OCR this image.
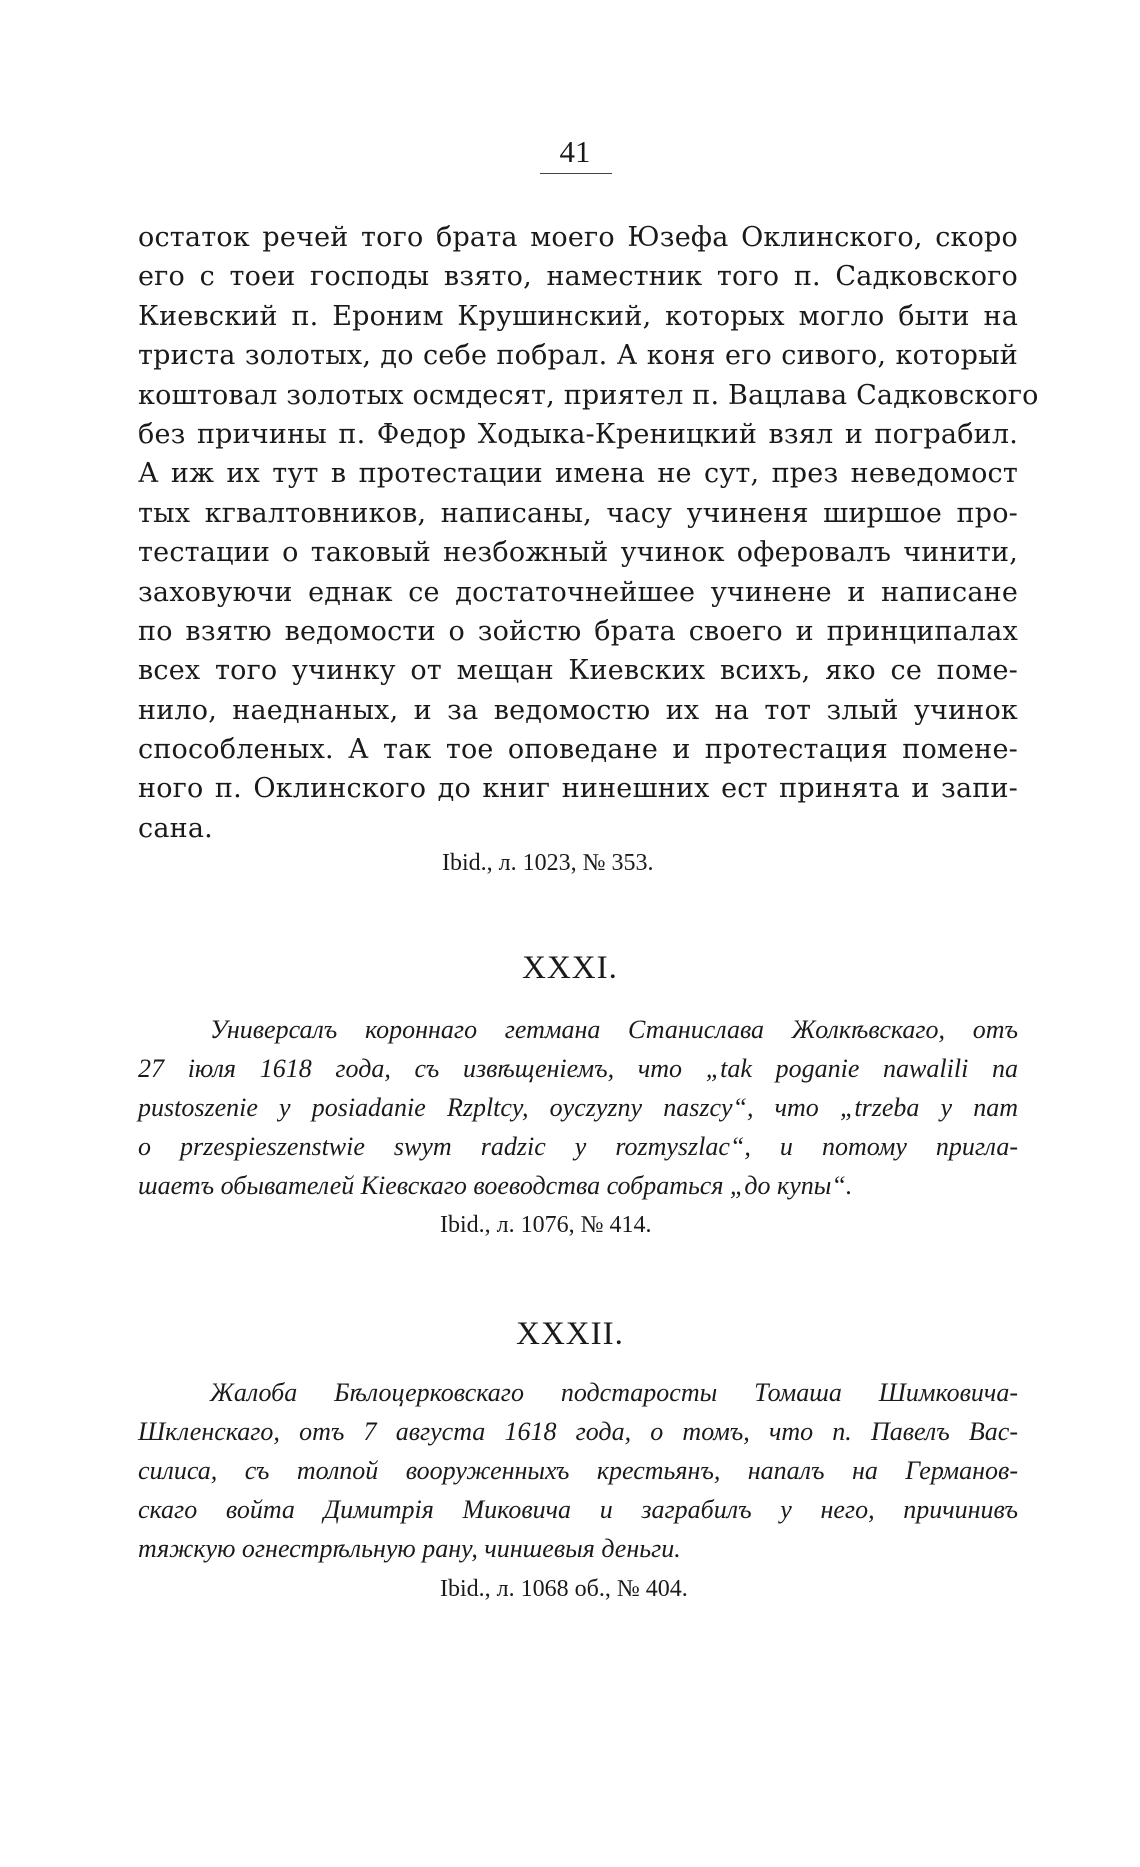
41
остаток речей того брата моего Юзефа Оклинского, скоро
его с тоеи господы взято, наместник того п. Садковского
Киевский п. Ероним Крушинский, которых могло быти на
триста золотых, до себе побрал. А коня его сивого, который
коштовал золотых осмдесят, приятел п. Вацлава Садковского
без причины п. Федор Ходыка-Креницкий взял и пограбил.
А иж их тут в протестации имена не сут, през неведомост
тых кгвалтовников, написаны, часу учиненя ширшое про-
тестации о таковый незбожный учинок оферовалъ чинити,
заховуючи еднак се достаточнейшее учинене и написане
по взятю ведомости о зойстю брата своего и принципалах
всех того учинку от мещан Киевских всихъ, яко се поме-
нило, наеднаных, и за ведомостю их на тот злый учинок
способленых. А так тое оповедане и протестация помене-
ного п. Оклинского до книг нинешних ест принята и запи-
сана.
Ibid., л. 1023, № 353.
XXXI.
Универсалъ короннаго гетмана Станислава Жолкѣвскаго, отъ
27 іюля 1618 года, съ извѣщеніемъ, что „tak poganie nawalili na
pustoszenie y posiadanie Rzpltcy, oyczyzny naszcy“, что „trzeba y nam
o przespieszenstwie swym radzic y rozmyszlac“, и потому пригла-
шаетъ обывателей Кіевскаго воеводства собраться „до купы“.
Ibid., л. 1076, № 414.
XXXII.
Жалоба Бѣлоцерковскаго подстаросты Томаша Шимковича-
Шкленскаго, отъ 7 августа 1618 года, о томъ, что п. Павелъ Вас-
силиса, съ толпой вооруженныхъ крестьянъ, напалъ на Германов-
скаго войта Димитрія Миковича и заграбилъ у него, причинивъ
тяжкую огнестрѣльную рану, чиншевыя деньги.
Ibid., л. 1068 об., № 404.
